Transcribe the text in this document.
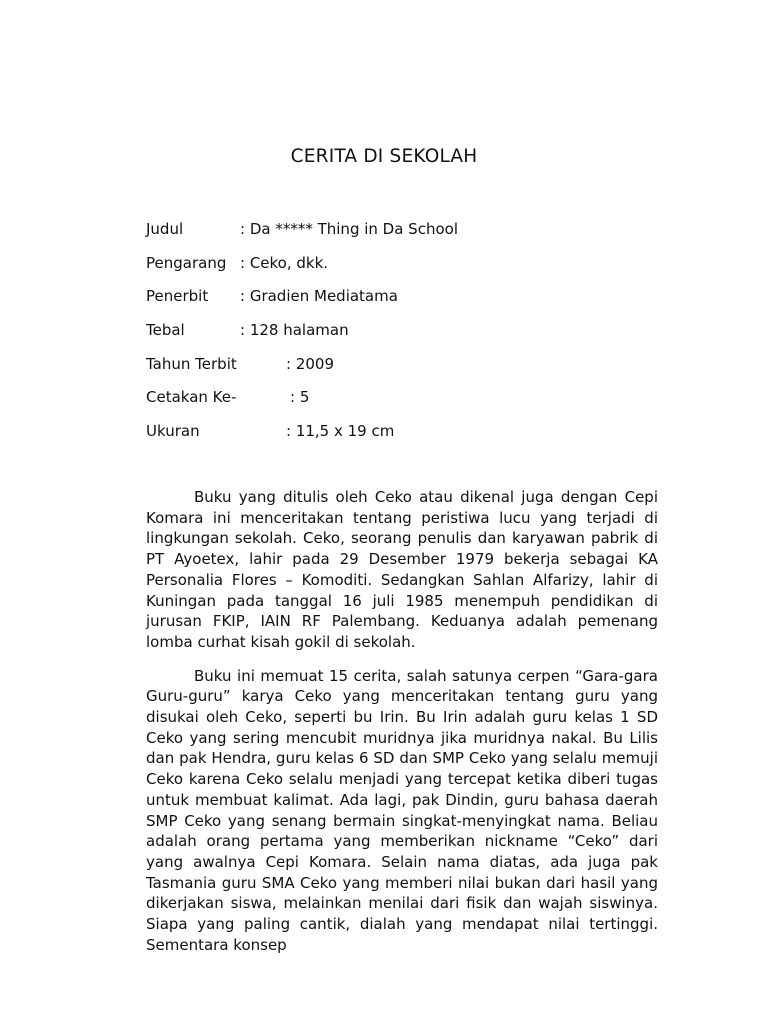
CERITA DI SEKOLAH
Judul	: Da ***** Thing in Da School
Pengarang : Ceko, dkk.
Penerbit : Gradien Mediatama
Tebal	: 128 halaman
Tahun Terbit	: 2009
Cetakan Ke-	: 5
Ukuran	: 11,5 x 19 cm

Buku yang ditulis oleh Ceko atau dikenal juga dengan Cepi Komara ini menceritakan tentang peristiwa lucu yang terjadi di lingkungan sekolah. Ceko, seorang penulis dan karyawan pabrik di PT Ayoetex, lahir pada 29 Desember 1979 bekerja sebagai KA Personalia Flores – Komoditi. Sedangkan Sahlan Alfarizy, lahir di Kuningan pada tanggal 16 juli 1985 menempuh pendidikan di jurusan FKIP, IAIN RF Palembang. Keduanya adalah pemenang lomba curhat kisah gokil di sekolah.

Buku ini memuat 15 cerita, salah satunya cerpen “Gara-gara Guru-guru” karya Ceko yang menceritakan tentang guru yang disukai oleh Ceko, seperti bu Irin. Bu Irin adalah guru kelas 1 SD Ceko yang sering mencubit muridnya jika muridnya nakal. Bu Lilis dan pak Hendra, guru kelas 6 SD dan SMP Ceko yang selalu memuji Ceko karena Ceko selalu menjadi yang tercepat ketika diberi tugas untuk membuat kalimat. Ada lagi, pak Dindin, guru bahasa daerah SMP Ceko yang senang bermain singkat-menyingkat nama. Beliau adalah orang pertama yang memberikan nickname “Ceko” dari yang awalnya Cepi Komara. Selain nama diatas, ada juga pak Tasmania guru SMA Ceko yang memberi nilai bukan dari hasil yang dikerjakan siswa, melainkan menilai dari fisik dan wajah siswinya. Siapa yang paling cantik, dialah yang mendapat nilai tertinggi. Sementara konsep
